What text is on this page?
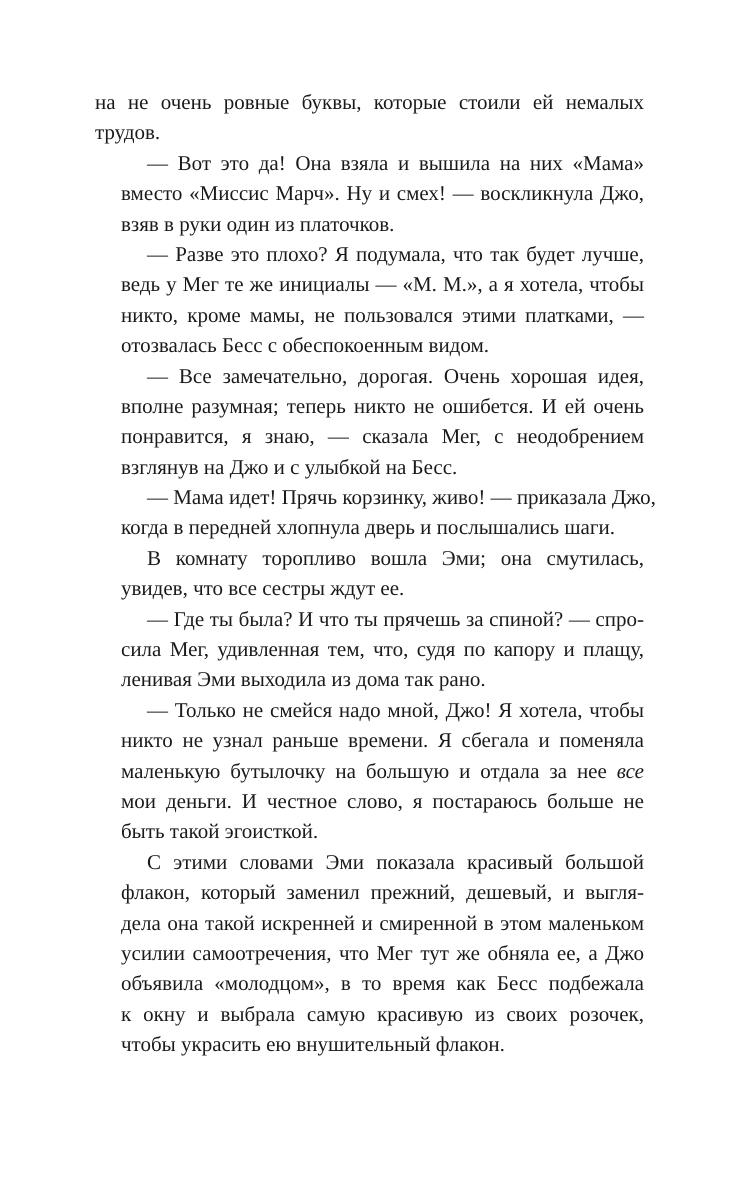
на не очень ровные буквы, которые стоили ей немалых
трудов.

— Вот это да! Она взяла и вышила на них «Мама»
вместо «Миссис Марч». Ну и смех! — воскликнула Джо,
взяв в руки один из платочков.

— Разве это плохо? Я подумала, что так будет лучше,
ведь у Мег те же инициалы — «М. М.», а я хотела, чтобы
никто, кроме мамы, не пользовался этими платками, —
отозвалась Бесс с обеспокоенным видом.

— Все замечательно, дорогая. Очень хорошая идея,
вполне разумная; теперь никто не ошибется. И ей очень
понравится, я знаю, — сказала Мег, с неодобрением
взглянув на Джо и с улыбкой на Бесс.

— Мама идет! Прячь корзинку, живо! — приказала Джо,
когда в передней хлопнула дверь и послышались шаги.

В комнату торопливо вошла Эми; она смутилась,
увидев, что все сестры ждут ее.

— Где ты была? И что ты прячешь за спиной? — спро-
сила Мег, удивленная тем, что, судя по капору и плащу,
ленивая Эми выходила из дома так рано.

— Только не смейся надо мной, Джо! Я хотела, чтобы
никто не узнал раньше времени. Я сбегала и поменяла
маленькую бутылочку на большую и отдала за нее все
мои деньги. И честное слово, я постараюсь больше не
быть такой эгоисткой.

С этими словами Эми показала красивый большой
флакон, который заменил прежний, дешевый, и выгля-
дела она такой искренней и смиренной в этом маленьком
усилии самоотречения, что Мег тут же обняла ее, а Джо
объявила «молодцом», в то время как Бесс подбежала
к окну и выбрала самую красивую из своих розочек,
чтобы украсить ею внушительный флакон.
